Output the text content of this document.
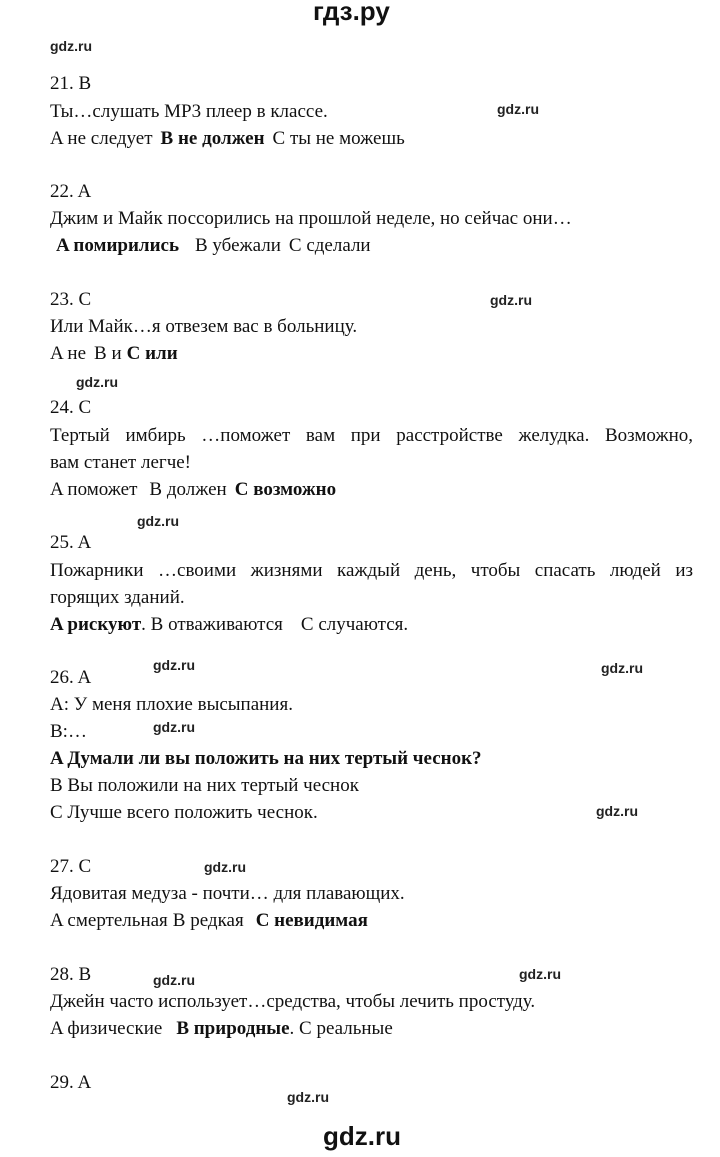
гдз.ру
gdz.ru
21. B
Ты…слушать MP3 плеер в классе.	gdz.ru
A не следует B не должен C ты не можешь
22. A
Джим и Майк поссорились на прошлой неделе, но сейчас они…
A помирились B убежали C сделали
23. C	gdz.ru
Или Майк…я отвезем вас в больницу.
A не B и C или
gdz.ru
24. C
Тертый имбирь …поможет вам при расстройстве желудка. Возможно,
вам станет легче!
A поможет B должен C возможно
gdz.ru
25. A
Пожарники …своими жизнями каждый день, чтобы спасать людей из
горящих зданий.
A рискуют. B отваживаются C случаются.
gdz.ru	gdz.ru
26. A
A: У меня плохие высыпания.
B:…	gdz.ru
A Думали ли вы положить на них тертый чеснок?
B Вы положили на них тертый чеснок
C Лучше всего положить чеснок.	gdz.ru
27. C	gdz.ru
Ядовитая медуза - почти… для плавающих.
A смертельная B редкая C невидимая
gdz.ru
28. B	gdz.ru
Джейн часто использует…средства, чтобы лечить простуду.
A физические B природные. C реальные
29. A
gdz.ru
gdz.ru
